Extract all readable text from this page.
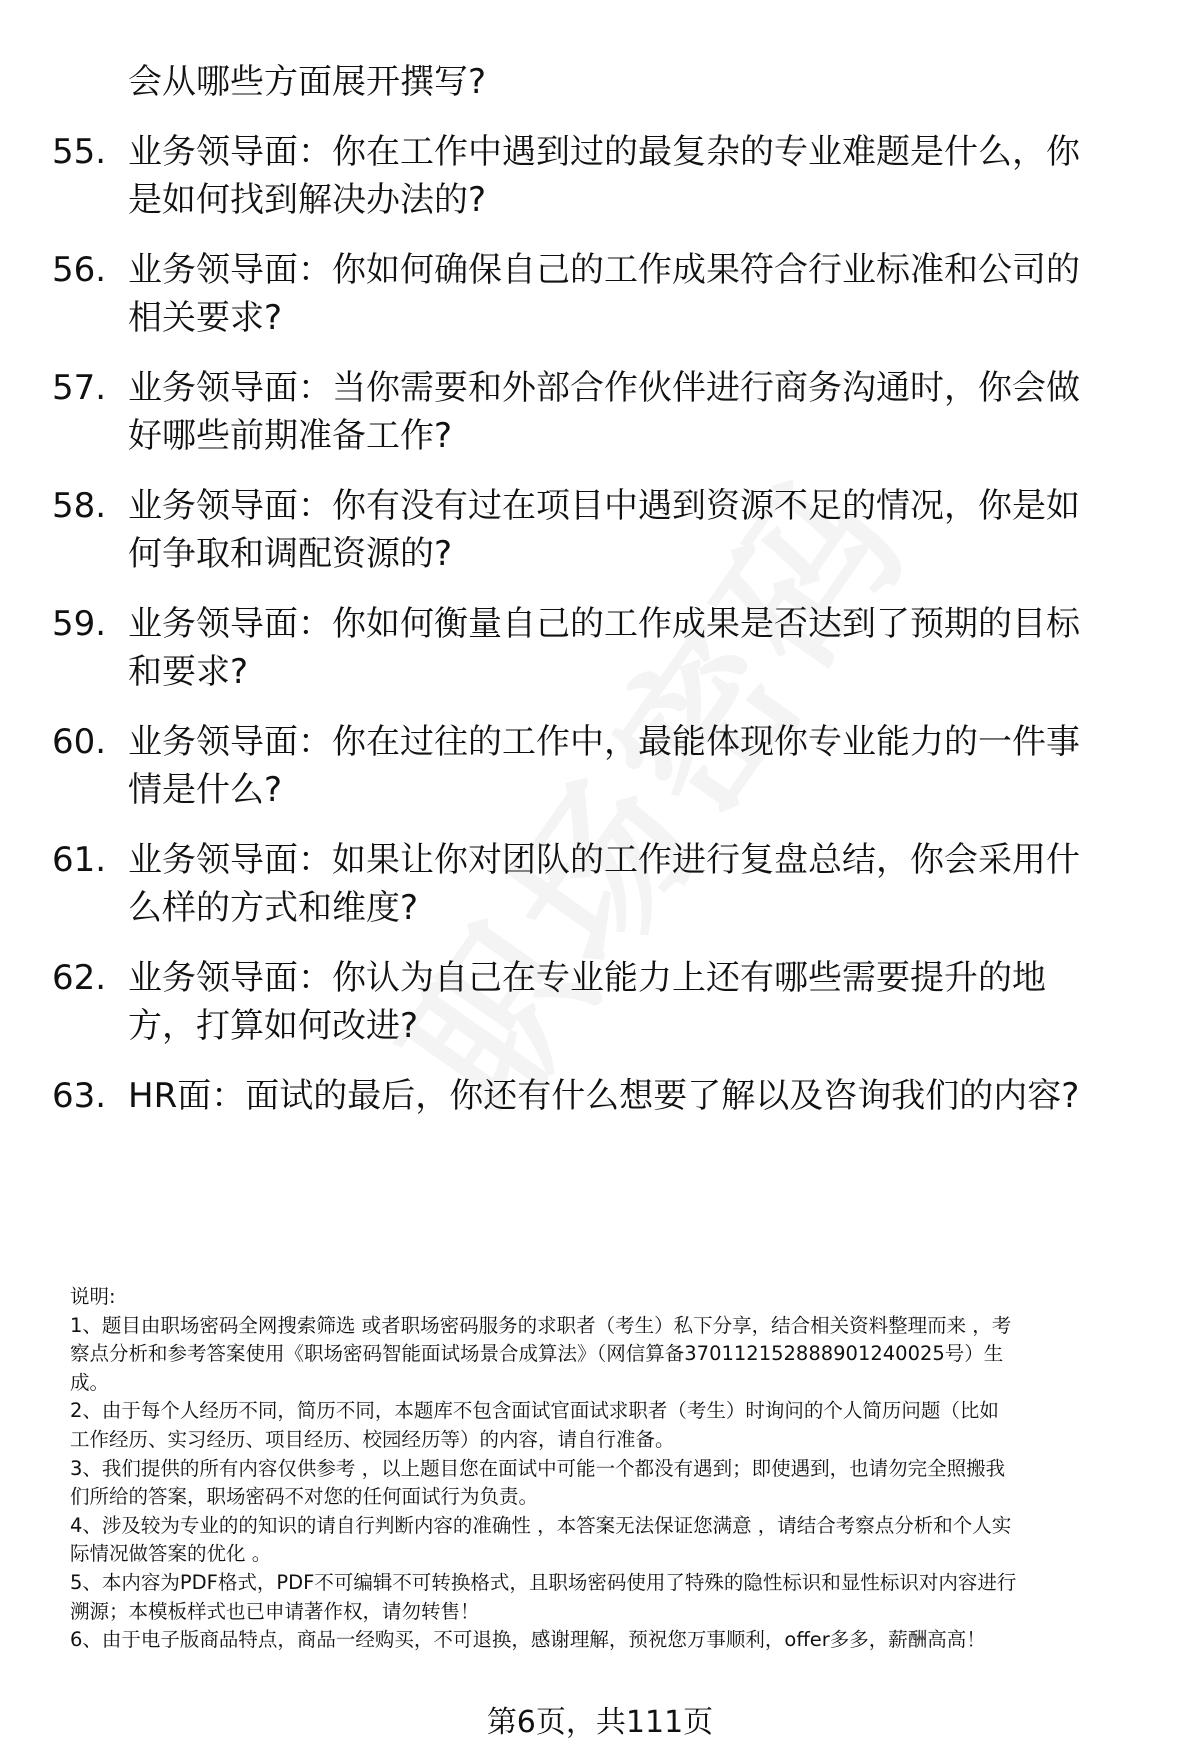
会从哪些方面展开撰写?
55. 业务领导面：你在工作中遇到过的最复杂的专业难题是什么，你
是如何找到解决办法的?
56. 业务领导面：你如何确保自己的工作成果符合行业标准和公司的
相关要求?
57. 业务领导面：当你需要和外部合作伙伴进行商务沟通时，你会做
好哪些前期准备工作?
58. 业务领导面：你有没有过在项目中遇到资源不足的情况，你是如
何争取和调配资源的?
59. 业务领导面：你如何衡量自己的工作成果是否达到了预期的目标
和要求?
60. 业务领导面：你在过往的工作中，最能体现你专业能力的一件事
情是什么?
61. 业务领导面：如果让你对团队的工作进行复盘总结，你会采用什
么样的方式和维度?
62. 业务领导面：你认为自己在专业能力上还有哪些需要提升的地
方，打算如何改进?
63. HR面：面试的最后，你还有什么想要了解以及咨询我们的内容?
说明:
1、题目由职场密码全网搜索筛选 或者职场密码服务的求职者（考生）私下分享，结合相关资料整理而来 ，考
察点分析和参考答案使用《职场密码智能面试场景合成算法》（网信算备370112152888901240025号）生
成。
2、由于每个人经历不同，简历不同，本题库不包含面试官面试求职者（考生）时询问的个人简历问题（比如
工作经历、实习经历、项目经历、校园经历等）的内容，请自行准备。
3、我们提供的所有内容仅供参考 ，以上题目您在面试中可能一个都没有遇到；即使遇到，也请勿完全照搬我
们所给的答案，职场密码不对您的任何面试行为负责。
4、涉及较为专业的的知识的请自行判断内容的准确性 ，本答案无法保证您满意 ，请结合考察点分析和个人实
际情况做答案的优化 。
5、本内容为PDF格式，PDF不可编辑不可转换格式，且职场密码使用了特殊的隐性标识和显性标识对内容进行
溯源；本模板样式也已申请著作权，请勿转售！
6、由于电子版商品特点，商品一经购买，不可退换，感谢理解，预祝您万事顺利，offer多多，薪酬高高！
第6页，共111页
